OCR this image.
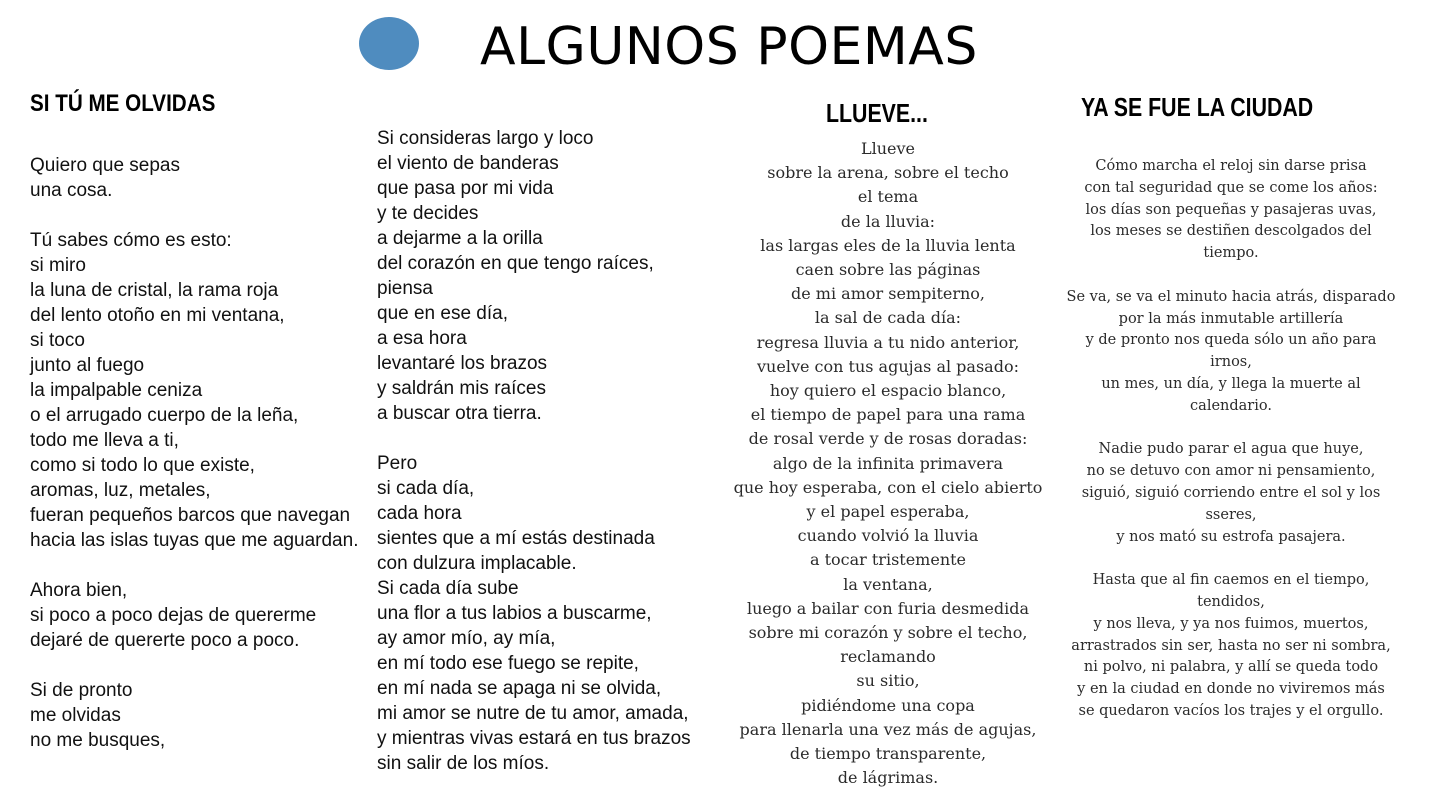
ALGUNOS POEMAS
SI TÚ ME OLVIDAS
Quiero que sepas
una cosa.

Tú sabes cómo es esto:
si miro
la luna de cristal, la rama roja
del lento otoño en mi ventana,
si toco
junto al fuego
la impalpable ceniza
o el arrugado cuerpo de la leña,
todo me lleva a ti,
como si todo lo que existe,
aromas, luz, metales,
fueran pequeños barcos que navegan
hacia las islas tuyas que me aguardan.

Ahora bien,
si poco a poco dejas de quererme
dejaré de quererte poco a poco.

Si de pronto
me olvidas
no me busques,
Si consideras largo y loco
el viento de banderas
que pasa por mi vida
y te decides
a dejarme a la orilla
del corazón en que tengo raíces,
piensa
que en ese día,
a esa hora
levantaré los brazos
y saldrán mis raíces
a buscar otra tierra.

Pero
si cada día,
cada hora
sientes que a mí estás destinada
con dulzura implacable.
Si cada día sube
una flor a tus labios a buscarme,
ay amor mío, ay mía,
en mí todo ese fuego se repite,
en mí nada se apaga ni se olvida,
mi amor se nutre de tu amor, amada,
y mientras vivas estará en tus brazos
sin salir de los míos.
LLUEVE...
Llueve
sobre la arena, sobre el techo
el tema
de la lluvia:
las largas eles de la lluvia lenta
caen sobre las páginas
de mi amor sempiterno,
la sal de cada día:
regresa lluvia a tu nido anterior,
vuelve con tus agujas al pasado:
hoy quiero el espacio blanco,
el tiempo de papel para una rama
de rosal verde y de rosas doradas:
algo de la infinita primavera
que hoy esperaba, con el cielo abierto
y el papel esperaba,
cuando volvió la lluvia
a tocar tristemente
la ventana,
luego a bailar con furia desmedida
sobre mi corazón y sobre el techo,
reclamando
su sitio,
pidiéndome una copa
para llenarla una vez más de agujas,
de tiempo transparente,
de lágrimas.
YA SE FUE LA CIUDAD
Cómo marcha el reloj sin darse prisa
con tal seguridad que se come los años:
los días son pequeñas y pasajeras uvas,
los meses se destiñen descolgados del
tiempo.

Se va, se va el minuto hacia atrás, disparado
por la más inmutable artillería
y de pronto nos queda sólo un año para
irnos,
un mes, un día, y llega la muerte al
calendario.

Nadie pudo parar el agua que huye,
no se detuvo con amor ni pensamiento,
siguió, siguió corriendo entre el sol y los
sseres,
y nos mató su estrofa pasajera.

Hasta que al fin caemos en el tiempo,
tendidos,
y nos lleva, y ya nos fuimos, muertos,
arrastrados sin ser, hasta no ser ni sombra,
ni polvo, ni palabra, y allí se queda todo
y en la ciudad en donde no viviremos más
se quedaron vacíos los trajes y el orgullo.
